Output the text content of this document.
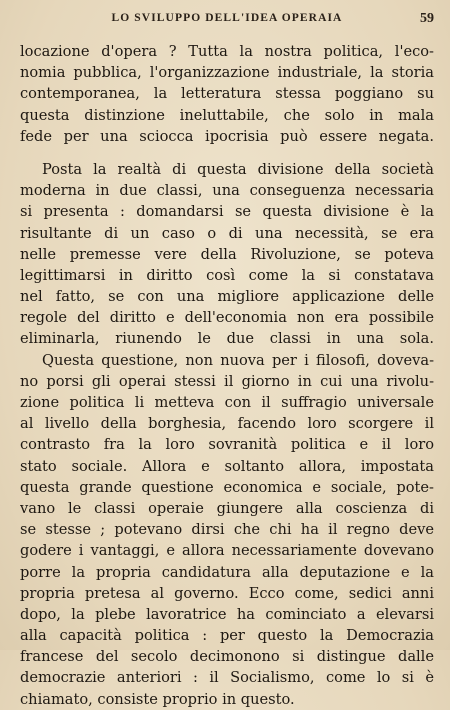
LO SVILUPPO DELL'IDEA OPERAIA	59
locazione d'opera ? Tutta la nostra politica, l'eco-
nomia pubblica, l'organizzazione industriale, la storia
contemporanea, la letteratura stessa poggiano su
questa distinzione ineluttabile, che solo in mala
fede per una sciocca ipocrisia può essere negata.
Posta la realtà di questa divisione della società
moderna in due classi, una conseguenza necessaria
si presenta : domandarsi se questa divisione è la
risultante di un caso o di una necessità, se era
nelle premesse vere della Rivoluzione, se poteva
legittimarsi in diritto così come la si constatava
nel fatto, se con una migliore applicazione delle
regole del diritto e dell'economia non era possibile
eliminarla, riunendo le due classi in una sola.
Questa questione, non nuova per i filosofi, doveva-
no porsi gli operai stessi il giorno in cui una rivolu-
zione politica li metteva con il suffragio universale
al livello della borghesia, facendo loro scorgere il
contrasto fra la loro sovranità politica e il loro
stato sociale. Allora e soltanto allora, impostata
questa grande questione economica e sociale, pote-
vano le classi operaie giungere alla coscienza di
se stesse ; potevano dirsi che chi ha il regno deve
godere i vantaggi, e allora necessariamente dovevano
porre la propria candidatura alla deputazione e la
propria pretesa al governo. Ecco come, sedici anni
dopo, la plebe lavoratrice ha cominciato a elevarsi
alla capacità politica : per questo la Democrazia
francese del secolo decimonono si distingue dalle
democrazie anteriori : il Socialismo, come lo si è
chiamato, consiste proprio in questo.
